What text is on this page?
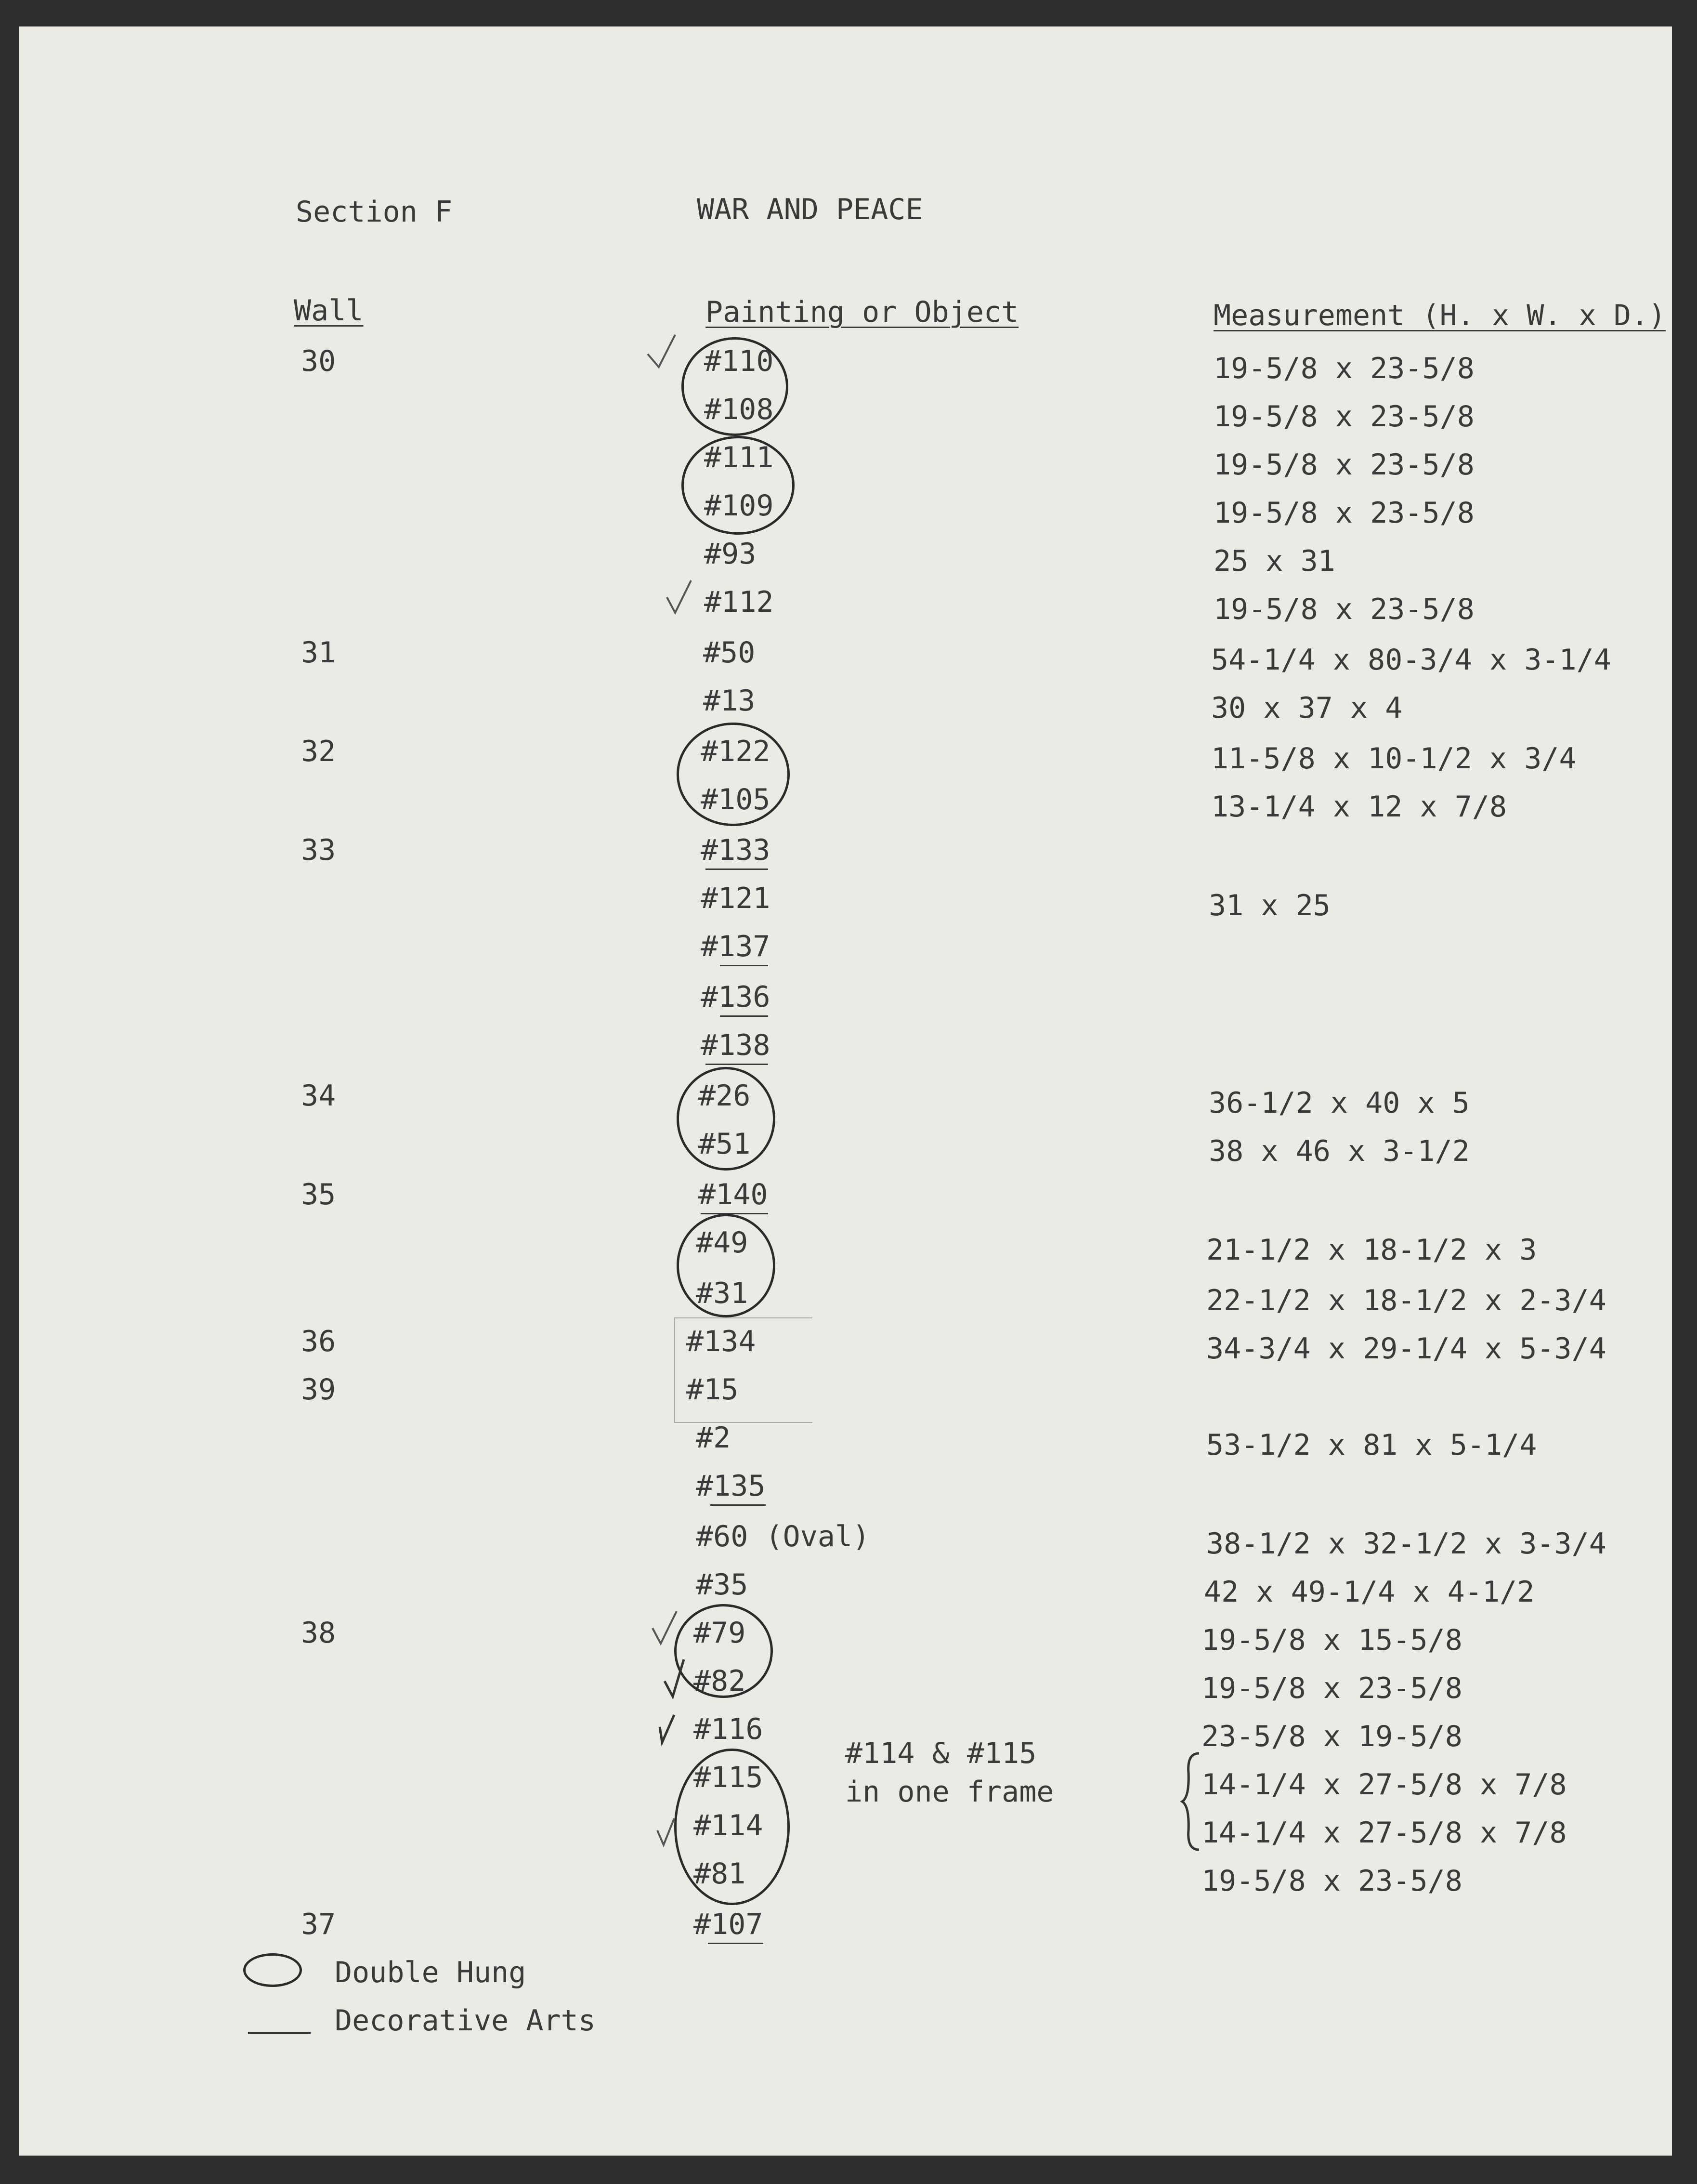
Section F	WAR AND PEACE
Wall	Painting or Object	Measurement (H. x W. x D.)
30	#110	19-5/8 x 23-5/8
#108	19-5/8 x 23-5/8
#111	19-5/8 x 23-5/8
#109	19-5/8 x 23-5/8
#93	25 x 31
#112	19-5/8 x 23-5/8
31	#50	54-1/4 x 80-3/4 x 3-1/4
#13	30 x 37 x 4
32	#122	11-5/8 x 10-1/2 x 3/4
#105	13-1/4 x 12 x 7/8
33	#133
#121	31 x 25
#137
#136
#138
34	#26	36-1/2 x 40 x 5
#51	38 x 46 x 3-1/2
35	#140
#49	21-1/2 x 18-1/2 x 3
#31	22-1/2 x 18-1/2 x 2-3/4
36	#134	34-3/4 x 29-1/4 x 5-3/4
39	#15
#2	53-1/2 x 81 x 5-1/4
#135
#60 (Oval)	38-1/2 x 32-1/2 x 3-3/4
#35	42 x 49-1/4 x 4-1/2
38	#79	19-5/8 x 15-5/8
#82	19-5/8 x 23-5/8
#116	23-5/8 x 19-5/8
#115	14-1/4 x 27-5/8 x 7/8
#114	14-1/4 x 27-5/8 x 7/8
#81	19-5/8 x 23-5/8
37	#107
#114 & #115
in one frame
Double Hung
Decorative Arts
